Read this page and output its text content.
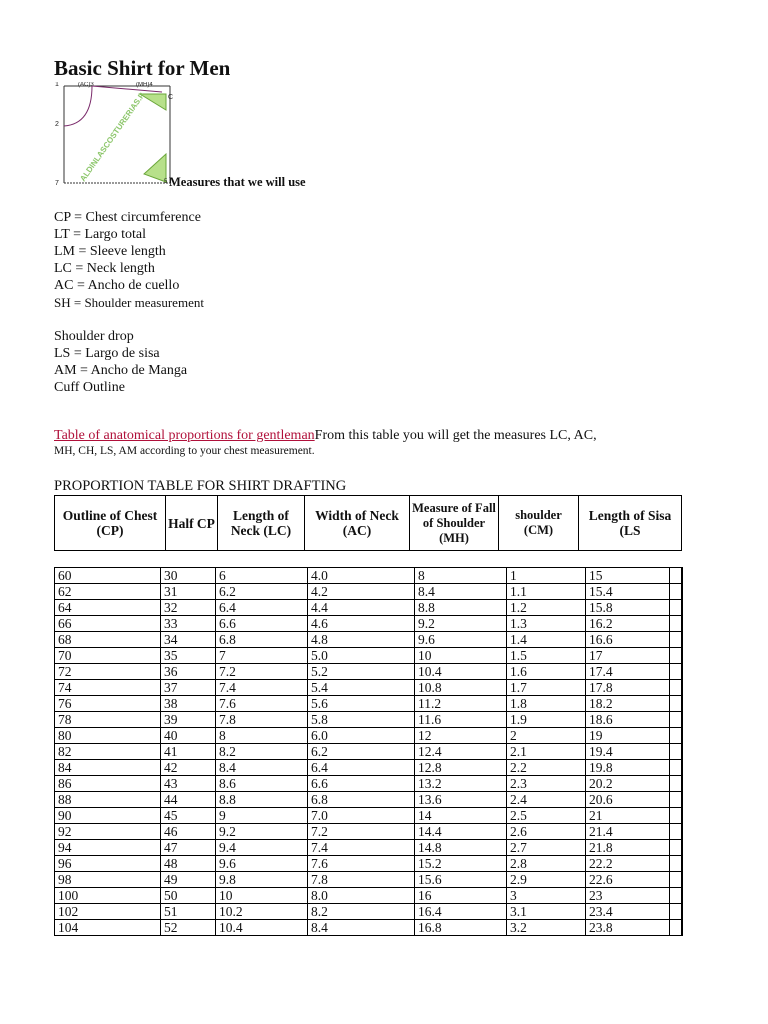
Basic Shirt for Men
ALDINLASCOSTURERIAS.P
1
2
7
(AC)3	(MH)4
C
5 Measures that we will use
CP = Chest circumference
LT = Largo total
LM = Sleeve length
LC = Neck length
AC = Ancho de cuello
SH = Shoulder measurement
Shoulder drop
LS = Largo de sisa
AM = Ancho de Manga
Cuff Outline
Table of anatomical proportions for gentlemanFrom this table you will get the measures LC, AC,
MH, CH, LS, AM according to your chest measurement.
PROPORTION TABLE FOR SHIRT DRAFTING
Outline of Chest (CP)	Half CP	Length of Neck (LC)	Width of Neck (AC)	Measure of Fall of Shoulder (MH)	shoulder (CM)	Length of Sisa (LS
60	30	6	4.0	8	1	15	
62	31	6.2	4.2	8.4	1.1	15.4	
64	32	6.4	4.4	8.8	1.2	15.8	
66	33	6.6	4.6	9.2	1.3	16.2	
68	34	6.8	4.8	9.6	1.4	16.6	
70	35	7	5.0	10	1.5	17	
72	36	7.2	5.2	10.4	1.6	17.4	
74	37	7.4	5.4	10.8	1.7	17.8	
76	38	7.6	5.6	11.2	1.8	18.2	
78	39	7.8	5.8	11.6	1.9	18.6	
80	40	8	6.0	12	2	19	
82	41	8.2	6.2	12.4	2.1	19.4	
84	42	8.4	6.4	12.8	2.2	19.8	
86	43	8.6	6.6	13.2	2.3	20.2	
88	44	8.8	6.8	13.6	2.4	20.6	
90	45	9	7.0	14	2.5	21	
92	46	9.2	7.2	14.4	2.6	21.4	
94	47	9.4	7.4	14.8	2.7	21.8	
96	48	9.6	7.6	15.2	2.8	22.2	
98	49	9.8	7.8	15.6	2.9	22.6	
100	50	10	8.0	16	3	23	
102	51	10.2	8.2	16.4	3.1	23.4	
104	52	10.4	8.4	16.8	3.2	23.8	
